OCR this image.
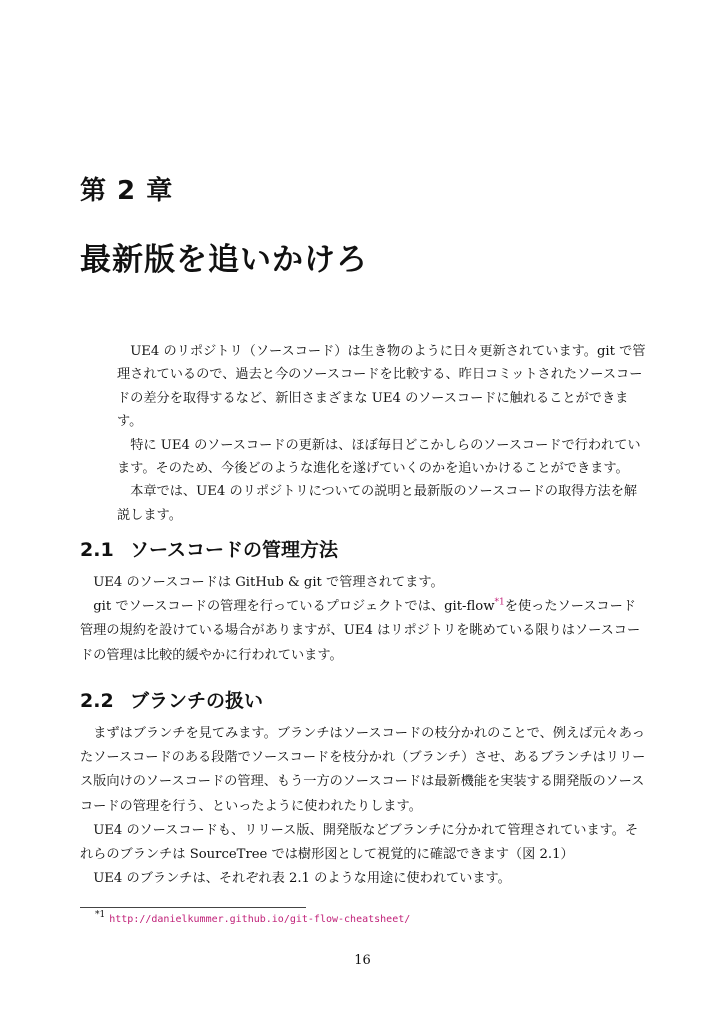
第 2 章
最新版を追いかけろ

UE4 のリポジトリ（ソースコード）は生き物のように日々更新されています。git で管理されているので、過去と今のソースコードを比較する、昨日コミットされたソースコードの差分を取得するなど、新旧さまざまな UE4 のソースコードに触れることができます。

特に UE4 のソースコードの更新は、ほぼ毎日どこかしらのソースコードで行われています。そのため、今後どのような進化を遂げていくのかを追いかけることができます。

本章では、UE4 のリポジトリについての説明と最新版のソースコードの取得方法を解説します。

2.1 ソースコードの管理方法

UE4 のソースコードは GitHub & git で管理されてます。

git でソースコードの管理を行っているプロジェクトでは、git-flow$^{*1}$を使ったソースコード管理の規約を設けている場合がありますが、UE4 はリポジトリを眺めている限りはソースコードの管理は比較的緩やかに行われています。

2.2 ブランチの扱い

まずはブランチを見てみます。ブランチはソースコードの枝分かれのことで、例えば元々あったソースコードのある段階でソースコードを枝分かれ（ブランチ）させ、あるブランチはリリース版向けのソースコードの管理、もう一方のソースコードは最新機能を実装する開発版のソースコードの管理を行う、といったように使われたりします。

UE4 のソースコードも、リリース版、開発版などブランチに分かれて管理されています。それらのブランチは SourceTree では樹形図として視覚的に確認できます（図 2.1）

UE4 のブランチは、それぞれ表 2.1 のような用途に使われています。

$^{*1}$ http://danielkummer.github.io/git-flow-cheatsheet/
16
